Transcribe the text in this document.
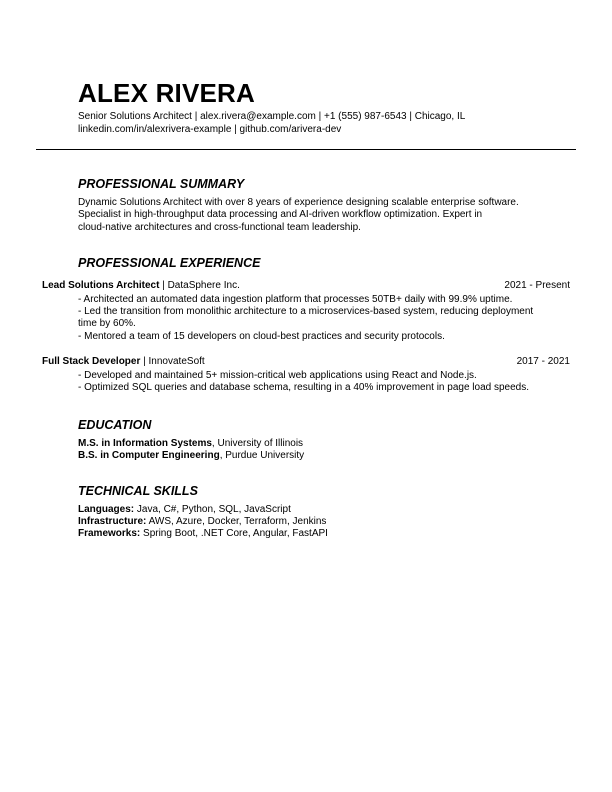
ALEX RIVERA
Senior Solutions Architect | alex.rivera@example.com | +1 (555) 987-6543 | Chicago, IL
linkedin.com/in/alexrivera-example | github.com/arivera-dev
PROFESSIONAL SUMMARY
Dynamic Solutions Architect with over 8 years of experience designing scalable enterprise software.
Specialist in high-throughput data processing and AI-driven workflow optimization. Expert in
cloud-native architectures and cross-functional team leadership.
PROFESSIONAL EXPERIENCE
Lead Solutions Architect | DataSphere Inc.	2021 - Present
- Architected an automated data ingestion platform that processes 50TB+ daily with 99.9% uptime.
- Led the transition from monolithic architecture to a microservices-based system, reducing deployment
time by 60%.
- Mentored a team of 15 developers on cloud-best practices and security protocols.
Full Stack Developer | InnovateSoft	2017 - 2021
- Developed and maintained 5+ mission-critical web applications using React and Node.js.
- Optimized SQL queries and database schema, resulting in a 40% improvement in page load speeds.
EDUCATION
M.S. in Information Systems, University of Illinois
B.S. in Computer Engineering, Purdue University
TECHNICAL SKILLS
Languages: Java, C#, Python, SQL, JavaScript
Infrastructure: AWS, Azure, Docker, Terraform, Jenkins
Frameworks: Spring Boot, .NET Core, Angular, FastAPI
